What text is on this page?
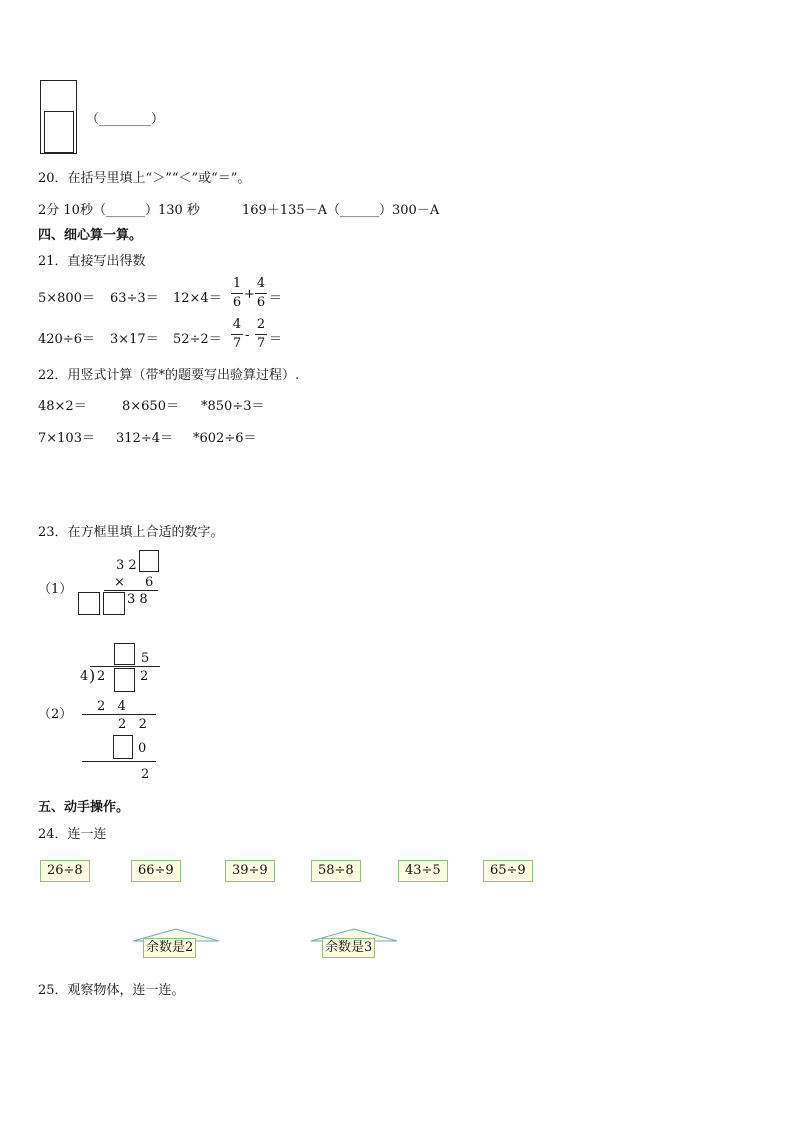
（________）
20．在括号里填上“＞”“＜”或“＝”。
2分 10秒（______）130 秒	169＋135－A（______）300－A
四、细心算一算。
21．直接写出得数
5×800＝ 63÷3＝ 12×4＝
1
6
+
4
6 ＝
420÷6＝ 3×17＝ 52÷2＝
4
7
-
2
7 ＝
22．用竖式计算（带*的题要写出验算过程）.
48×2＝	8×650＝ *850÷3＝
7×103＝ 312÷4＝ *602÷6＝
23．在方框里填上合适的数字。
（1）
3 2
× 6
3 8
5
4 ) 2	2
（2）
2   4
2   2
0
2
五、动手操作。
24．连一连
26÷8	66÷9	39÷9	58÷8	43÷5	65÷9
余数是2	余数是3
25．观察物体，连一连。
